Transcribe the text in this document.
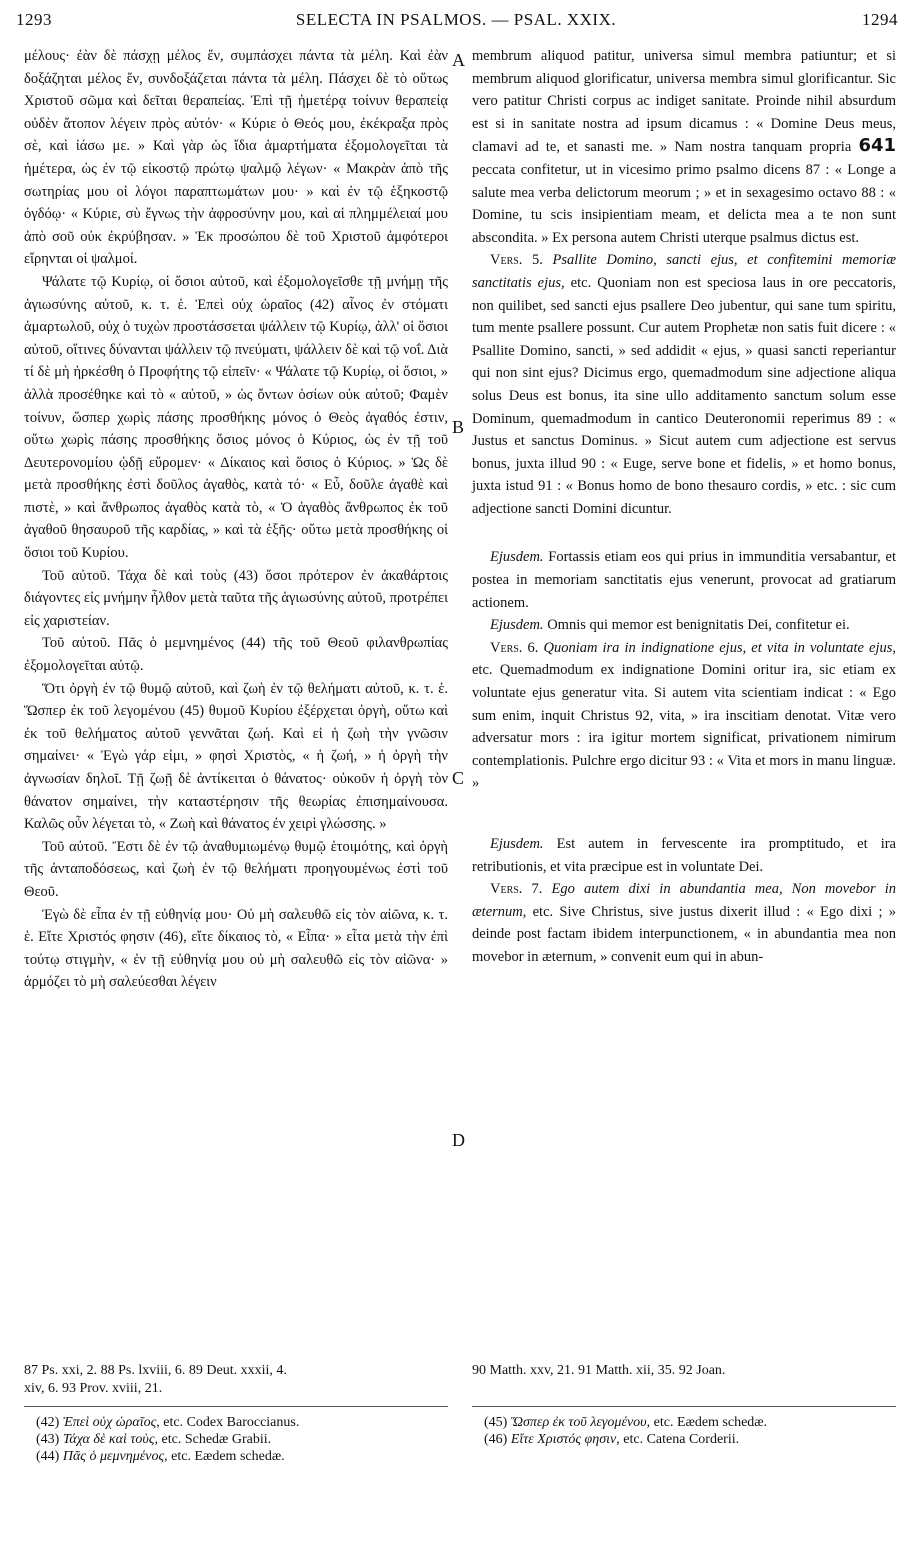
1293	SELECTA IN PSALMOS. — PSAL. XXIX.	1294
A
B
C
D

μέλους· ἐὰν δὲ πάσχῃ μέλος ἕν, συμπάσχει πάντα τὰ μέλη. Καὶ ἐὰν δοξάζηται μέλος ἕν, συνδοξάζεται πάντα τὰ μέλη. Πάσχει δὲ τὸ οὕτως Χριστοῦ σῶμα καὶ δεῖται θεραπείας. Ἐπὶ τῇ ἡμετέρᾳ τοίνυν θεραπείᾳ οὐδὲν ἄτοπον λέγειν πρὸς αὐτόν· « Κύριε ὁ Θεός μου, ἐκέκραξα πρὸς σὲ, καὶ ἰάσω με. » Καὶ γὰρ ὡς ἴδια ἁμαρτήματα ἐξομολογεῖται τὰ ἡμέτερα, ὡς ἐν τῷ εἰκοστῷ πρώτῳ ψαλμῷ λέγων· « Μακρὰν ἀπὸ τῆς σωτηρίας μου οἱ λόγοι παραπτωμάτων μου· » καὶ ἐν τῷ ἑξηκοστῷ ὀγδόῳ· « Κύριε, σὺ ἔγνως τὴν ἀφροσύνην μου, καὶ αἱ πλημμέλειαί μου ἀπὸ σοῦ οὐκ ἐκρύβησαν. » Ἐκ προσώπου δὲ τοῦ Χριστοῦ ἀμφότεροι εἴρηνται οἱ ψαλμοί.

Ψάλατε τῷ Κυρίῳ, οἱ ὅσιοι αὐτοῦ, καὶ ἐξομολογεῖσθε τῇ μνήμῃ τῆς ἁγιωσύνης αὐτοῦ, κ. τ. ἑ. Ἐπεὶ οὐχ ὡραῖος (42) αἶνος ἐν στόματι ἁμαρτωλοῦ, οὐχ ὁ τυχὼν προστάσσεται ψάλλειν τῷ Κυρίῳ, ἀλλ' οἱ ὅσιοι αὐτοῦ, οἵτινες δύνανται ψάλλειν τῷ πνεύματι, ψάλλειν δὲ καὶ τῷ νοΐ. Διὰ τί δὲ μὴ ἠρκέσθη ὁ Προφήτης τῷ εἰπεῖν· « Ψάλατε τῷ Κυρίῳ, οἱ ὅσιοι, » ἀλλὰ προσέθηκε καὶ τὸ « αὐτοῦ, » ὡς ὄντων ὁσίων οὐκ αὐτοῦ; Φαμὲν τοίνυν, ὥσπερ χωρὶς πάσης προσθήκης μόνος ὁ Θεὸς ἀγαθός ἐστιν, οὕτω χωρὶς πάσης προσθήκης ὅσιος μόνος ὁ Κύριος, ὡς ἐν τῇ τοῦ Δευτερονομίου ᾠδῇ εὕρομεν· « Δίκαιος καὶ ὅσιος ὁ Κύριος. » Ὡς δὲ μετὰ προσθήκης ἐστὶ δοῦλος ἀγαθὸς, κατὰ τό· « Εὖ, δοῦλε ἀγαθὲ καὶ πιστὲ, » καὶ ἄνθρωπος ἀγαθὸς κατὰ τὸ, « Ὁ ἀγαθὸς ἄνθρωπος ἐκ τοῦ ἀγαθοῦ θησαυροῦ τῆς καρδίας, » καὶ τὰ ἑξῆς· οὕτω μετὰ προσθήκης οἱ ὅσιοι τοῦ Κυρίου.

Τοῦ αὐτοῦ. Τάχα δὲ καὶ τοὺς (43) ὅσοι πρότερον ἐν ἀκαθάρτοις διάγοντες εἰς μνήμην ἦλθον μετὰ ταῦτα τῆς ἁγιωσύνης αὐτοῦ, προτρέπει εἰς χαριστείαν.

Τοῦ αὐτοῦ. Πᾶς ὁ μεμνημένος (44) τῆς τοῦ Θεοῦ φιλανθρωπίας ἐξομολογεῖται αὐτῷ.

Ὅτι ὀργὴ ἐν τῷ θυμῷ αὐτοῦ, καὶ ζωὴ ἐν τῷ θελήματι αὐτοῦ, κ. τ. ἑ. Ὥσπερ ἐκ τοῦ λεγομένου (45) θυμοῦ Κυρίου ἐξέρχεται ὀργὴ, οὕτω καὶ ἐκ τοῦ θελήματος αὐτοῦ γεννᾶται ζωή. Καὶ εἰ ἡ ζωὴ τὴν γνῶσιν σημαίνει· « Ἐγὼ γάρ εἰμι, » φησὶ Χριστὸς, « ἡ ζωή, » ἡ ὀργὴ τὴν ἀγνωσίαν δηλοῖ. Τῇ ζωῇ δὲ ἀντίκειται ὁ θάνατος· οὐκοῦν ἡ ὀργὴ τὸν θάνατον σημαίνει, τὴν καταστέρησιν τῆς θεωρίας ἐπισημαίνουσα. Καλῶς οὖν λέγεται τὸ, « Ζωὴ καὶ θάνατος ἐν χειρὶ γλώσσης. »

Τοῦ αὐτοῦ. Ἔστι δὲ ἐν τῷ ἀναθυμιωμένῳ θυμῷ ἑτοιμότης, καὶ ὀργὴ τῆς ἀνταποδόσεως, καὶ ζωὴ ἐν τῷ θελήματι προηγουμένως ἐστὶ τοῦ Θεοῦ.

Ἐγὼ δὲ εἶπα ἐν τῇ εὐθηνίᾳ μου· Οὐ μὴ σαλευθῶ εἰς τὸν αἰῶνα, κ. τ. ἑ. Εἴτε Χριστός φησιν (46), εἴτε δίκαιος τὸ, « Εἶπα· » εἶτα μετὰ τὴν ἐπὶ τούτῳ στιγμὴν, « ἐν τῇ εὐθηνίᾳ μου οὐ μὴ σαλευθῶ εἰς τὸν αἰῶνα· » ἁρμόζει τὸ μὴ σαλεύεσθαι λέγειν

membrum aliquod patitur, universa simul membra patiuntur; et si membrum aliquod glorificatur, universa membra simul glorificantur. Sic vero patitur Christi corpus ac indiget sanitate. Proinde nihil absurdum est si in sanitate nostra ad ipsum dicamus : « Domine Deus meus, clamavi ad te, et sanasti me. » Nam nostra tanquam propria 641 peccata confitetur, ut in vicesimo primo psalmo dicens 87 : « Longe a salute mea verba delictorum meorum ; » et in sexagesimo octavo 88 : « Domine, tu scis insipientiam meam, et delicta mea a te non sunt abscondita. » Ex persona autem Christi uterque psalmus dictus est.

Vers. 5. Psallite Domino, sancti ejus, et confitemini memoriæ sanctitatis ejus, etc. Quoniam non est speciosa laus in ore peccatoris, non quilibet, sed sancti ejus psallere Deo jubentur, qui sane tum spiritu, tum mente psallere possunt. Cur autem Prophetæ non satis fuit dicere : « Psallite Domino, sancti, » sed addidit « ejus, » quasi sancti reperiantur qui non sint ejus? Dicimus ergo, quemadmodum sine adjectione aliqua solus Deus est bonus, ita sine ullo additamento sanctum solum esse Dominum, quemadmodum in cantico Deuteronomii reperimus 89 : « Justus et sanctus Dominus. » Sicut autem cum adjectione est servus bonus, juxta illud 90 : « Euge, serve bone et fidelis, » et homo bonus, juxta istud 91 : « Bonus homo de bono thesauro cordis, » etc. : sic cum adjectione sancti Domini dicuntur.

Ejusdem. Fortassis etiam eos qui prius in immunditia versabantur, et postea in memoriam sanctitatis ejus venerunt, provocat ad gratiarum actionem.

Ejusdem. Omnis qui memor est benignitatis Dei, confitetur ei.

Vers. 6. Quoniam ira in indignatione ejus, et vita in voluntate ejus, etc. Quemadmodum ex indignatione Domini oritur ira, sic etiam ex voluntate ejus generatur vita. Si autem vita scientiam indicat : « Ego sum enim, inquit Christus 92, vita, » ira inscitiam denotat. Vitæ vero adversatur mors : ira igitur mortem significat, privationem nimirum contemplationis. Pulchre ergo dicitur 93 : « Vita et mors in manu linguæ. »

Ejusdem. Est autem in fervescente ira promptitudo, et ira retributionis, et vita præcipue est in voluntate Dei.

Vers. 7. Ego autem dixi in abundantia mea, Non movebor in æternum, etc. Sive Christus, sive justus dixerit illud : « Ego dixi ; » deinde post factam ibidem interpunctionem, « in abundantia mea non movebor in æternum, » convenit eum qui in abun-

87 Ps. xxi, 2. 88 Ps. lxviii, 6. 89 Deut. xxxii, 4.
xiv, 6. 93 Prov. xviii, 21.
90 Matth. xxv, 21. 91 Matth. xii, 35. 92 Joan.

(42) Ἐπεὶ οὐχ ὡραῖος, etc. Codex Baroccianus.

(43) Τάχα δὲ καὶ τοὺς, etc. Schedæ Grabii.

(44) Πᾶς ὁ μεμνημένος, etc. Eædem schedæ.

(45) Ὥσπερ ἐκ τοῦ λεγομένου, etc. Eædem schedæ.

(46) Εἴτε Χριστός φησιν, etc. Catena Corderii.
